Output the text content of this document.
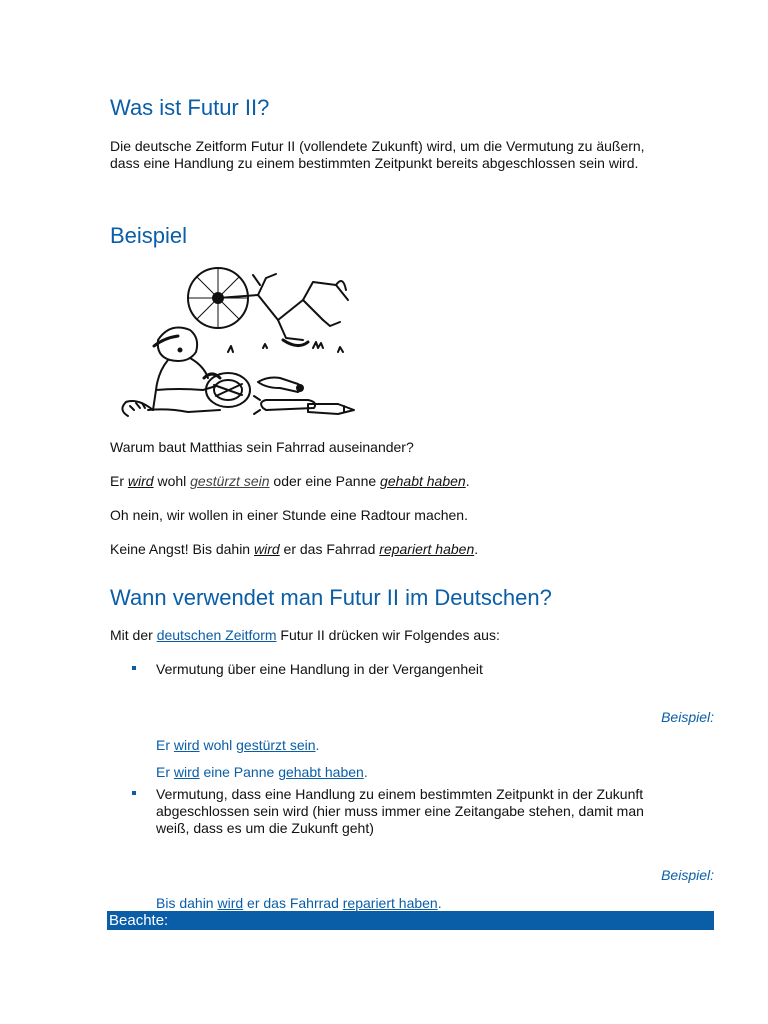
Was ist Futur II?

Die deutsche Zeitform Futur II (vollendete Zukunft) wird, um die Vermutung zu äußern,

dass eine Handlung zu einem bestimmten Zeitpunkt bereits abgeschlossen sein wird.

Beispiel

Warum baut Matthias sein Fahrrad auseinander?

Er wird wohl gestürzt sein oder eine Panne gehabt haben.

Oh nein, wir wollen in einer Stunde eine Radtour machen.

Keine Angst! Bis dahin wird er das Fahrrad repariert haben.

Wann verwendet man Futur II im Deutschen?

Mit der deutschen Zeitform Futur II drücken wir Folgendes aus:

Vermutung über eine Handlung in der Vergangenheit

Beispiel:

Er wird wohl gestürzt sein.

Er wird eine Panne gehabt haben.

Vermutung, dass eine Handlung zu einem bestimmten Zeitpunkt in der Zukunft

abgeschlossen sein wird (hier muss immer eine Zeitangabe stehen, damit man

weiß, dass es um die Zukunft geht)

Beispiel:

Bis dahin wird er das Fahrrad repariert haben.

Beachte:
